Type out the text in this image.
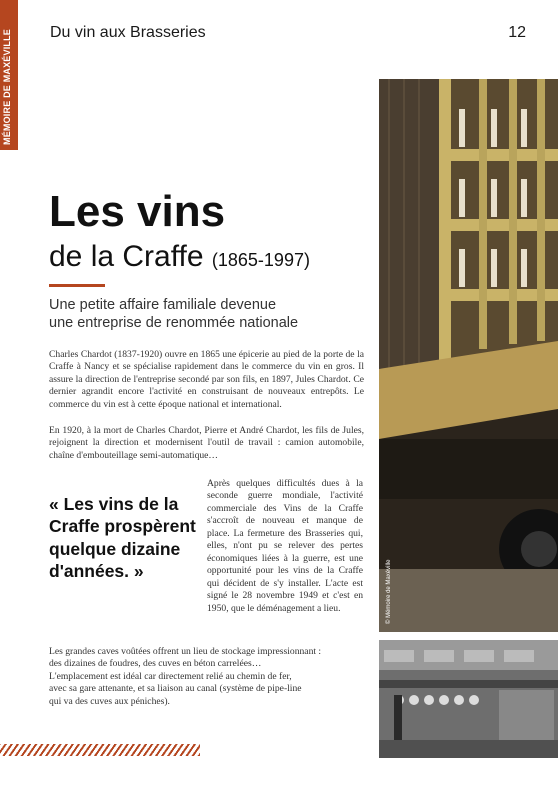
MÉMOIRE DE MAXÉVILLE Du vin aux Brasseries	12
Les vins
de la Craffe (1865-1997)
Une petite affaire familiale devenue
une entreprise de renommée nationale

Charles Chardot (1837-1920) ouvre en 1865 une épicerie au pied de la porte de la Craffe à Nancy et se spécialise rapidement dans le commerce du vin en gros. Il assure la direction de l'entreprise secondé par son fils, en 1897, Jules Chardot. Ce dernier agrandit encore l'activité en construisant de nouveaux entrepôts. Le commerce du vin est à cette époque national et international.

En 1920, à la mort de Charles Chardot, Pierre et André Chardot, les fils de Jules, rejoignent la direction et modernisent l'outil de travail : camion automobile, chaîne d'embouteillage semi-automatique…

« Les vins de la Craffe prospèrent quelque dizaine d'années. »

Après quelques difficultés dues à la seconde guerre mondiale, l'activité commerciale des Vins de la Craffe s'accroît de nouveau et manque de place. La fermeture des Brasseries qui, elles, n'ont pu se relever des pertes économiques liées à la guerre, est une opportunité pour les vins de la Craffe qui décident de s'y installer. L'acte est signé le 28 novembre 1949 et c'est en 1950, que le déménagement a lieu.

Les grandes caves voûtées offrent un lieu de stockage impressionnant :
des dizaines de foudres, des cuves en béton carrelées…
L'emplacement est idéal car directement relié au chemin de fer,
avec sa gare attenante, et sa liaison au canal (système de pipe-line
qui va des cuves aux péniches).
© Mémoire de Maxéville
